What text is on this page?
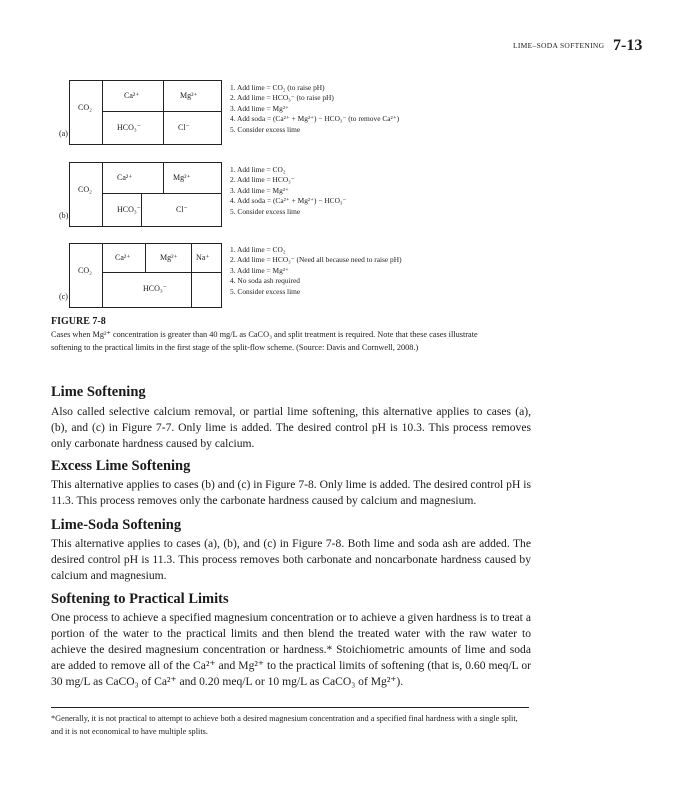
LIME–SODA SOFTENING 7-13
(a)
CO₂
Ca²⁺	Mg²⁺
HCO₃⁻	Cl⁻
1. Add lime = CO₂ (to raise pH)
2. Add lime = HCO₃⁻ (to raise pH)
3. Add lime = Mg²⁺
4. Add soda = (Ca²⁺ + Mg²⁺) − HCO₃⁻ (to remove Ca²⁺)
5. Consider excess lime
(b)
CO₂
Ca²⁺	Mg²⁺
HCO₃⁻	Cl⁻
1. Add lime = CO₂
2. Add lime = HCO₃⁻
3. Add lime = Mg²⁺
4. Add soda = (Ca²⁺ + Mg²⁺) − HCO₃⁻
5. Consider excess lime
(c)
CO₂
Ca²⁺	Mg²⁺ Na⁺
HCO₃⁻
1. Add lime = CO₂
2. Add lime = HCO₃⁻ (Need all because need to raise pH)
3. Add lime = Mg²⁺
4. No soda ash required
5. Consider excess lime
FIGURE 7-8
Cases when Mg²⁺ concentration is greater than 40 mg/L as CaCO₃ and split treatment is required. Note that these cases illustrate softening to the practical limits in the first stage of the split-flow scheme. (Source: Davis and Cornwell, 2008.)
Lime Softening

Also called selective calcium removal, or partial lime softening, this alternative applies to cases (a), (b), and (c) in Figure 7-7. Only lime is added. The desired control pH is 10.3. This process removes only carbonate hardness caused by calcium.

Excess Lime Softening

This alternative applies to cases (b) and (c) in Figure 7-8. Only lime is added. The desired control pH is 11.3. This process removes only the carbonate hardness caused by calcium and magnesium.

Lime-Soda Softening

This alternative applies to cases (a), (b), and (c) in Figure 7-8. Both lime and soda ash are added. The desired control pH is 11.3. This process removes both carbonate and noncarbonate hardness caused by calcium and magnesium.

Softening to Practical Limits

One process to achieve a specified magnesium concentration or to achieve a given hardness is to treat a portion of the water to the practical limits and then blend the treated water with the raw water to achieve the desired magnesium concentration or hardness.* Stoichiometric amounts of lime and soda are added to remove all of the Ca²⁺ and Mg²⁺ to the practical limits of softening (that is, 0.60 meq/L or 30 mg/L as CaCO₃ of Ca²⁺ and 0.20 meq/L or 10 mg/L as CaCO₃ of Mg²⁺).

*Generally, it is not practical to attempt to achieve both a desired magnesium concentration and a specified final hardness with a single split, and it is not economical to have multiple splits.
